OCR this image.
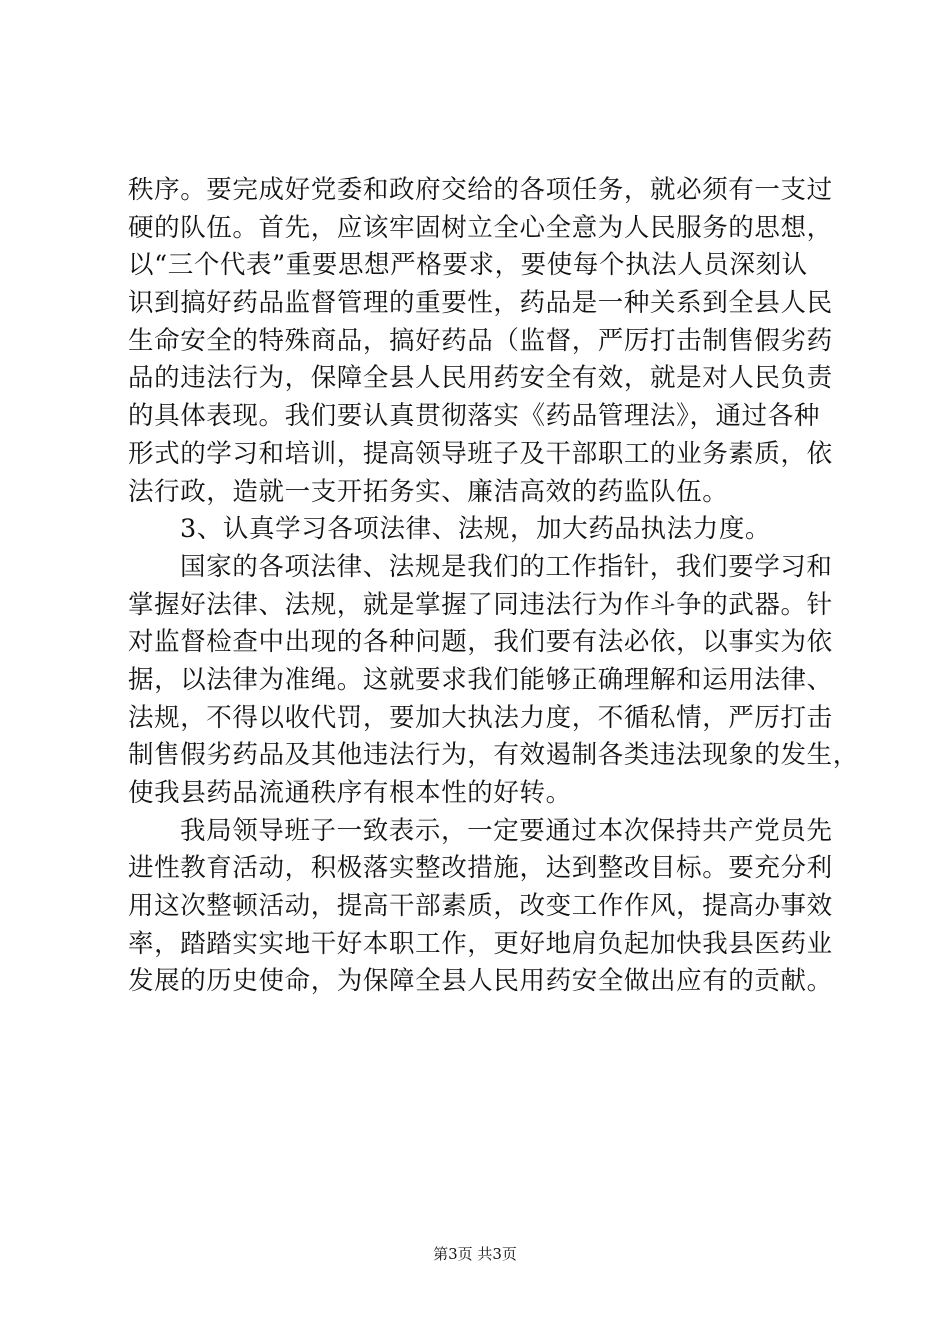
秩序。要完成好党委和政府交给的各项任务，就必须有一支过
硬的队伍。首先，应该牢固树立全心全意为人民服务的思想，
以“三个代表”重要思想严格要求，要使每个执法人员深刻认
识到搞好药品监督管理的重要性，药品是一种关系到全县人民
生命安全的特殊商品，搞好药品（监督，严厉打击制售假劣药
品的违法行为，保障全县人民用药安全有效，就是对人民负责
的具体表现。我们要认真贯彻落实《药品管理法》，通过各种
形式的学习和培训，提高领导班子及干部职工的业务素质，依
法行政，造就一支开拓务实、廉洁高效的药监队伍。
3、认真学习各项法律、法规，加大药品执法力度。
国家的各项法律、法规是我们的工作指针，我们要学习和
掌握好法律、法规，就是掌握了同违法行为作斗争的武器。针
对监督检查中出现的各种问题，我们要有法必依，以事实为依
据，以法律为准绳。这就要求我们能够正确理解和运用法律、
法规，不得以收代罚，要加大执法力度，不循私情，严厉打击
制售假劣药品及其他违法行为，有效遏制各类违法现象的发生，
使我县药品流通秩序有根本性的好转。
我局领导班子一致表示，一定要通过本次保持共产党员先
进性教育活动，积极落实整改措施，达到整改目标。要充分利
用这次整顿活动，提高干部素质，改变工作作风，提高办事效
率，踏踏实实地干好本职工作，更好地肩负起加快我县医药业
发展的历史使命，为保障全县人民用药安全做出应有的贡献。
第3页 共3页
